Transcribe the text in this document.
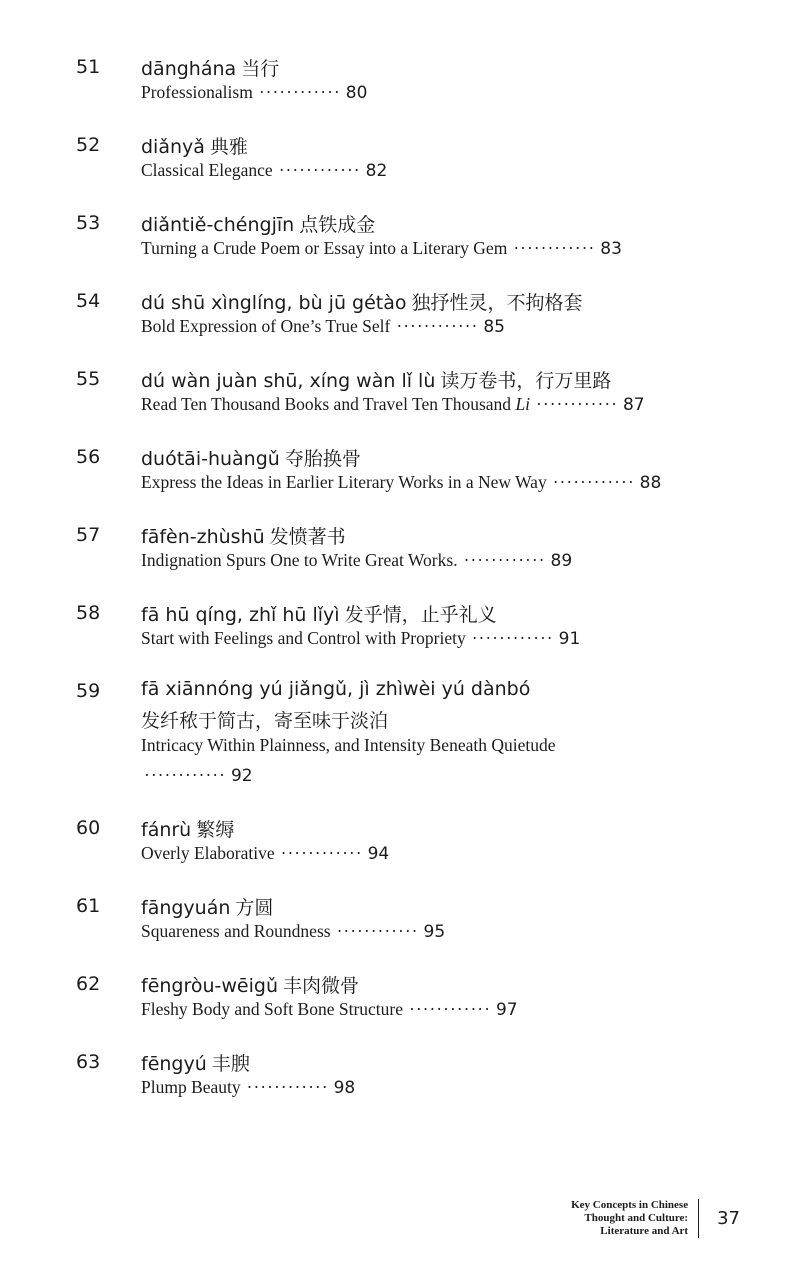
51 dānghána 当行
Professionalism ············ 80
52 diǎnyǎ 典雅
Classical Elegance ············ 82
53 diǎntiě-chéngjīn 点铁成金
Turning a Crude Poem or Essay into a Literary Gem ············ 83
54 dú shū xìnglíng, bù jū gétào 独抒性灵，不拘格套
Bold Expression of One’s True Self ············ 85
55 dú wàn juàn shū, xíng wàn lǐ lù 读万卷书，行万里路
Read Ten Thousand Books and Travel Ten Thousand Li ············ 87
56 duótāi-huàngǔ 夺胎换骨
Express the Ideas in Earlier Literary Works in a New Way ············ 88
57 fāfèn-zhùshū 发愤著书
Indignation Spurs One to Write Great Works. ············ 89
58 fā hū qíng, zhǐ hū lǐyì 发乎情，止乎礼义
Start with Feelings and Control with Propriety ············ 91
59 fā xiānnóng yú jiǎngǔ, jì zhìwèi yú dànbó
发纤秾于简古，寄至味于淡泊
Intricacy Within Plainness, and Intensity Beneath Quietude
············ 92
60 fánrù 繁缛
Overly Elaborative ············ 94
61 fāngyuán 方圆
Squareness and Roundness ············ 95
62 fēngròu-wēigǔ 丰肉微骨
Fleshy Body and Soft Bone Structure ············ 97
63 fēngyú 丰腴
Plump Beauty ············ 98
Key Concepts in Chinese
Thought and Culture:
Literature and Art
37
